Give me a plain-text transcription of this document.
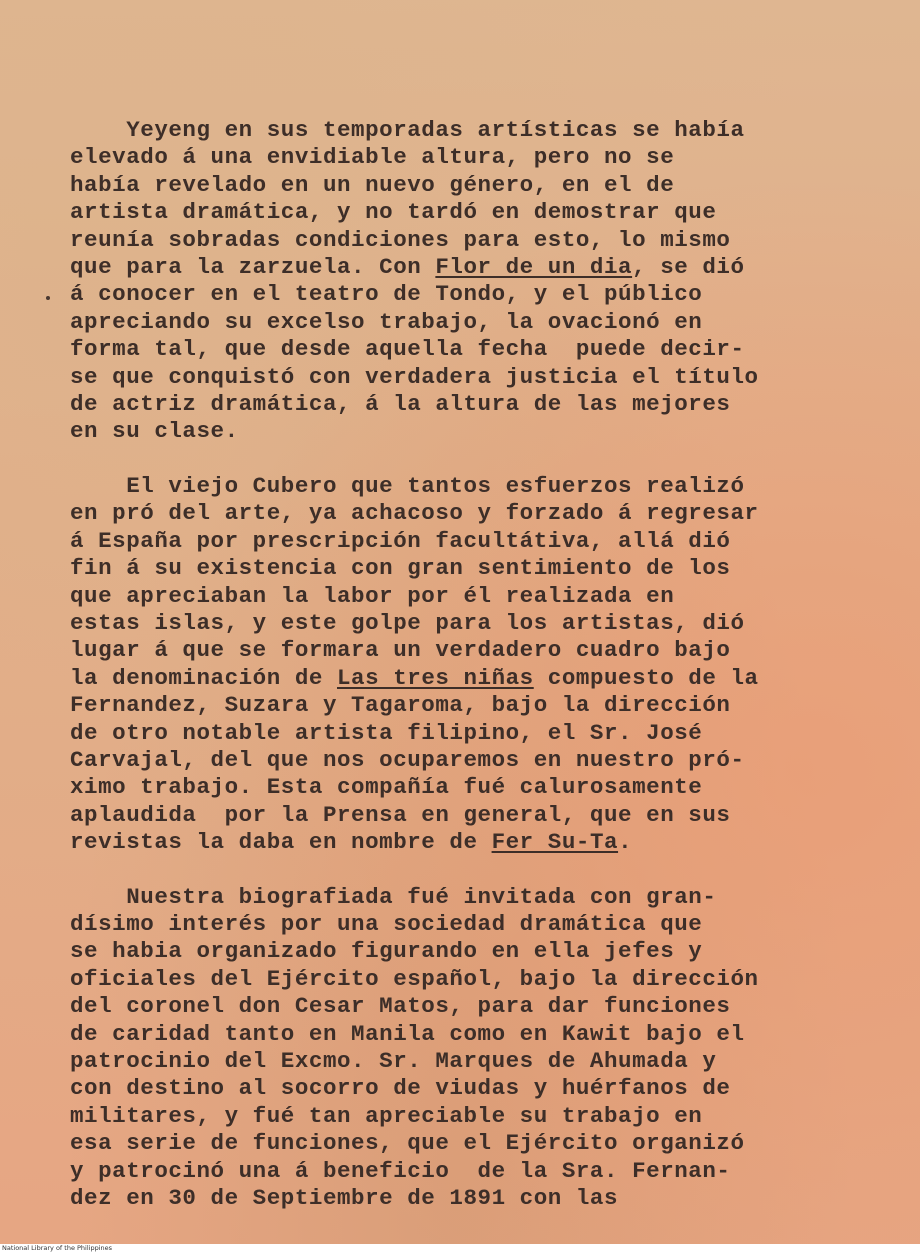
Yeyeng en sus temporadas artísticas se había
elevado á una envidiable altura, pero no se
había revelado en un nuevo género, en el de
artista dramática, y no tardó en demostrar que
reunía sobradas condiciones para esto, lo mismo
que para la zarzuela. Con Flor de un dia, se dió
á conocer en el teatro de Tondo, y el público
apreciando su excelso trabajo, la ovacionó en
forma tal, que desde aquella fecha  puede decir-
se que conquistó con verdadera justicia el título
de actriz dramática, á la altura de las mejores
en su clase.
El viejo Cubero que tantos esfuerzos realizó
en pró del arte, ya achacoso y forzado á regresar
á España por prescripción facultátiva, allá dió
fin á su existencia con gran sentimiento de los
que apreciaban la labor por él realizada en
estas islas, y este golpe para los artistas, dió
lugar á que se formara un verdadero cuadro bajo
la denominación de Las tres niñas compuesto de la
Fernandez, Suzara y Tagaroma, bajo la dirección
de otro notable artista filipino, el Sr. José
Carvajal, del que nos ocuparemos en nuestro pró-
ximo trabajo. Esta compañía fué calurosamente
aplaudida  por la Prensa en general, que en sus
revistas la daba en nombre de Fer Su-Ta.
Nuestra biografiada fué invitada con gran-
dísimo interés por una sociedad dramática que
se habia organizado figurando en ella jefes y
oficiales del Ejército español, bajo la dirección
del coronel don Cesar Matos, para dar funciones
de caridad tanto en Manila como en Kawit bajo el
patrocinio del Excmo. Sr. Marques de Ahumada y
con destino al socorro de viudas y huérfanos de
militares, y fué tan apreciable su trabajo en
esa serie de funciones, que el Ejército organizó
y patrocinó una á beneficio  de la Sra. Fernan-
dez en 30 de Septiembre de 1891 con las
National Library of the Philippines
